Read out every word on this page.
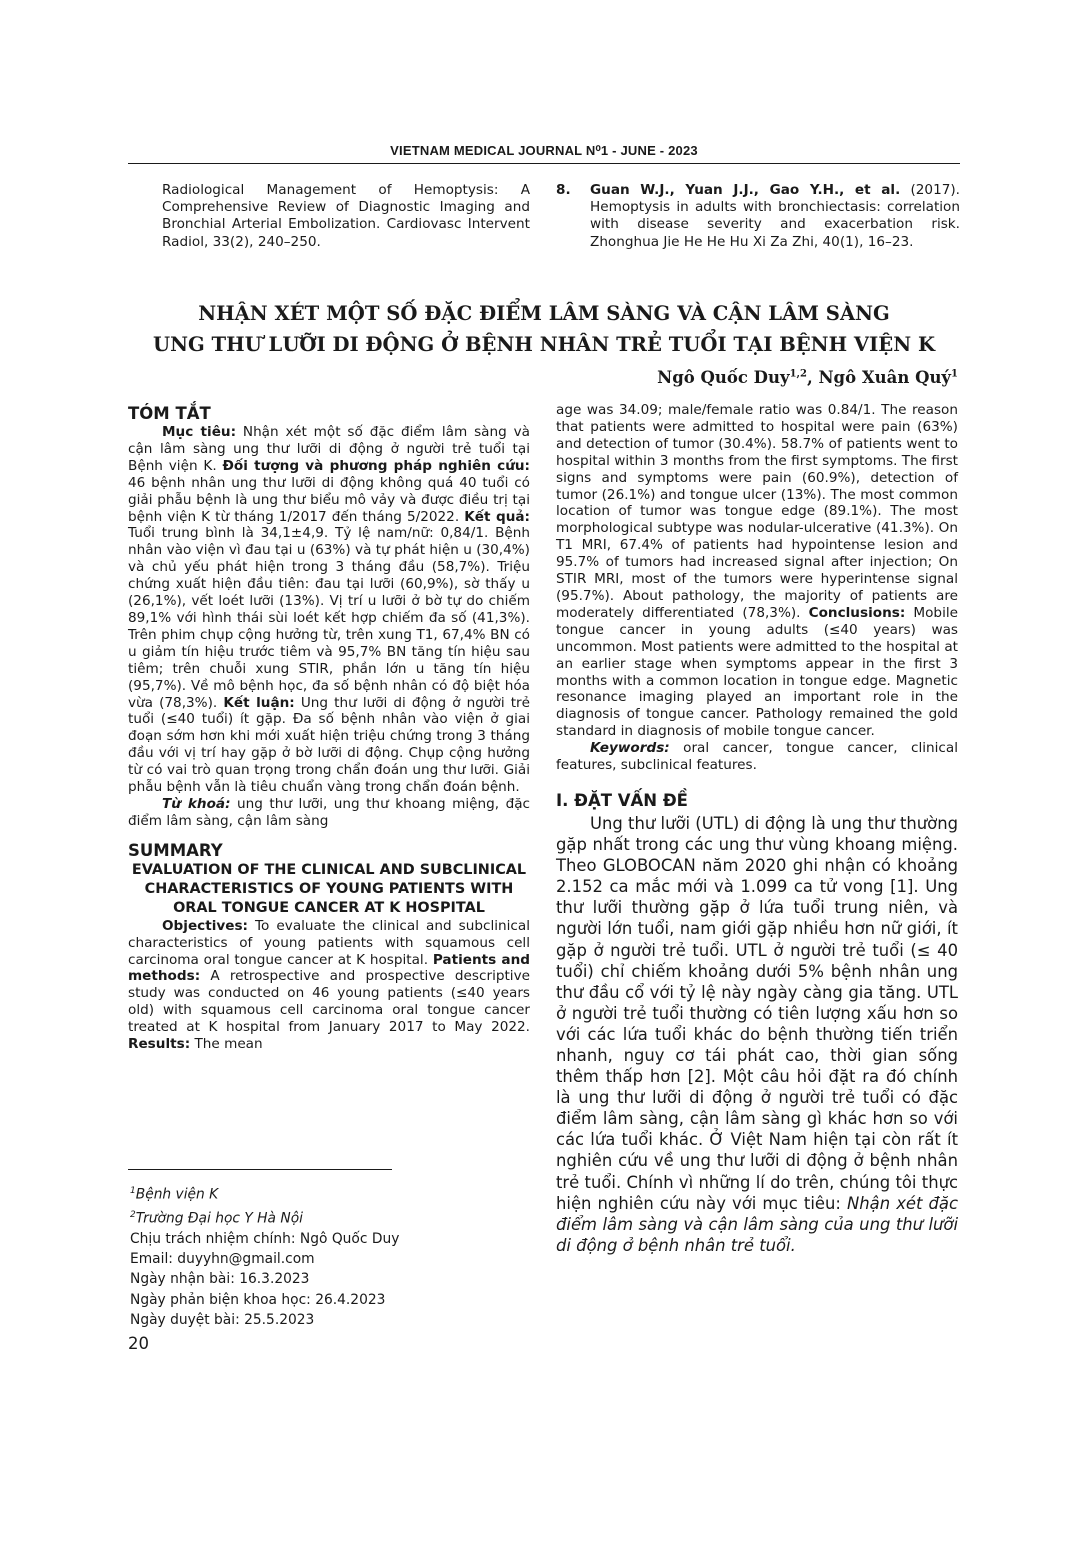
VIETNAM MEDICAL JOURNAL N⁰1 - JUNE - 2023
Radiological Management of Hemoptysis: A Comprehensive Review of Diagnostic Imaging and Bronchial Arterial Embolization. Cardiovasc Intervent Radiol, 33(2), 240–250.
8.	Guan W.J., Yuan J.J., Gao Y.H., et al. (2017). Hemoptysis in adults with bronchiectasis: correlation with disease severity and exacerbation risk. Zhonghua Jie He He Hu Xi Za Zhi, 40(1), 16–23.
NHẬN XÉT MỘT SỐ ĐẶC ĐIỂM LÂM SÀNG VÀ CẬN LÂM SÀNG
UNG THƯ LƯỠI DI ĐỘNG Ở BỆNH NHÂN TRẺ TUỔI TẠI BỆNH VIỆN K
Ngô Quốc Duy$^{1,2}$, Ngô Xuân Quý$^1$

TÓM TẮT

Mục tiêu: Nhận xét một số đặc điểm lâm sàng và cận lâm sàng ung thư lưỡi di động ở người trẻ tuổi tại Bệnh viện K. Đối tượng và phương pháp nghiên cứu: 46 bệnh nhân ung thư lưỡi di động không quá 40 tuổi có giải phẫu bệnh là ung thư biểu mô vảy và được điều trị tại bệnh viện K từ tháng 1/2017 đến tháng 5/2022. Kết quả: Tuổi trung bình là 34,1±4,9. Tỷ lệ nam/nữ: 0,84/1. Bệnh nhân vào viện vì đau tại u (63%) và tự phát hiện u (30,4%) và chủ yếu phát hiện trong 3 tháng đầu (58,7%). Triệu chứng xuất hiện đầu tiên: đau tại lưỡi (60,9%), sờ thấy u (26,1%), vết loét lưỡi (13%). Vị trí u lưỡi ở bờ tự do chiếm 89,1% với hình thái sùi loét kết hợp chiếm đa số (41,3%). Trên phim chụp cộng hưởng từ, trên xung T1, 67,4% BN có u giảm tín hiệu trước tiêm và 95,7% BN tăng tín hiệu sau tiêm; trên chuỗi xung STIR, phần lớn u tăng tín hiệu (95,7%). Về mô bệnh học, đa số bệnh nhân có độ biệt hóa vừa (78,3%). Kết luận: Ung thư lưỡi di động ở người trẻ tuổi (≤40 tuổi) ít gặp. Đa số bệnh nhân vào viện ở giai đoạn sớm hơn khi mới xuất hiện triệu chứng trong 3 tháng đầu với vị trí hay gặp ở bờ lưỡi di động. Chụp cộng hưởng từ có vai trò quan trọng trong chẩn đoán ung thư lưỡi. Giải phẫu bệnh vẫn là tiêu chuẩn vàng trong chẩn đoán bệnh.

Từ khoá: ung thư lưỡi, ung thư khoang miệng, đặc điểm lâm sàng, cận lâm sàng

SUMMARY

EVALUATION OF THE CLINICAL AND SUBCLINICAL CHARACTERISTICS OF YOUNG PATIENTS WITH ORAL TONGUE CANCER AT K HOSPITAL

Objectives: To evaluate the clinical and subclinical characteristics of young patients with squamous cell carcinoma oral tongue cancer at K hospital. Patients and methods: A retrospective and prospective descriptive study was conducted on 46 young patients (≤40 years old) with squamous cell carcinoma oral tongue cancer treated at K hospital from January 2017 to May 2022. Results: The mean

age was 34.09; male/female ratio was 0.84/1. The reason that patients were admitted to hospital were pain (63%) and detection of tumor (30.4%). 58.7% of patients went to hospital within 3 months from the first symptoms. The first signs and symptoms were pain (60.9%), detection of tumor (26.1%) and tongue ulcer (13%). The most common location of tumor was tongue edge (89.1%). The most morphological subtype was nodular-ulcerative (41.3%). On T1 MRI, 67.4% of patients had hypointense lesion and 95.7% of tumors had increased signal after injection; On STIR MRI, most of the tumors were hyperintense signal (95.7%). About pathology, the majority of patients are moderately differentiated (78,3%). Conclusions: Mobile tongue cancer in young adults (≤40 years) was uncommon. Most patients were admitted to the hospital at an earlier stage when symptoms appear in the first 3 months with a common location in tongue edge. Magnetic resonance imaging played an important role in the diagnosis of tongue cancer. Pathology remained the gold standard in diagnosis of mobile tongue cancer.

Keywords: oral cancer, tongue cancer, clinical features, subclinical features.

I. ĐẶT VẤN ĐỀ

Ung thư lưỡi (UTL) di động là ung thư thường gặp nhất trong các ung thư vùng khoang miệng. Theo GLOBOCAN năm 2020 ghi nhận có khoảng 2.152 ca mắc mới và 1.099 ca tử vong [1]. Ung thư lưỡi thường gặp ở lứa tuổi trung niên, và người lớn tuổi, nam giới gặp nhiều hơn nữ giới, ít gặp ở người trẻ tuổi. UTL ở người trẻ tuổi (≤ 40 tuổi) chỉ chiếm khoảng dưới 5% bệnh nhân ung thư đầu cổ với tỷ lệ này ngày càng gia tăng. UTL ở người trẻ tuổi thường có tiên lượng xấu hơn so với các lứa tuổi khác do bệnh thường tiến triển nhanh, nguy cơ tái phát cao, thời gian sống thêm thấp hơn [2]. Một câu hỏi đặt ra đó chính là ung thư lưỡi di động ở người trẻ tuổi có đặc điểm lâm sàng, cận lâm sàng gì khác hơn so với các lứa tuổi khác. Ở Việt Nam hiện tại còn rất ít nghiên cứu về ung thư lưỡi di động ở bệnh nhân trẻ tuổi. Chính vì những lí do trên, chúng tôi thực hiện nghiên cứu này với mục tiêu: Nhận xét đặc điểm lâm sàng và cận lâm sàng của ung thư lưỡi di động ở bệnh nhân trẻ tuổi.

$^1$Bệnh viện K
$^2$Trường Đại học Y Hà Nội
Chịu trách nhiệm chính: Ngô Quốc Duy
Email: duyyhn@gmail.com
Ngày nhận bài: 16.3.2023
Ngày phản biện khoa học: 26.4.2023
Ngày duyệt bài: 25.5.2023
20
